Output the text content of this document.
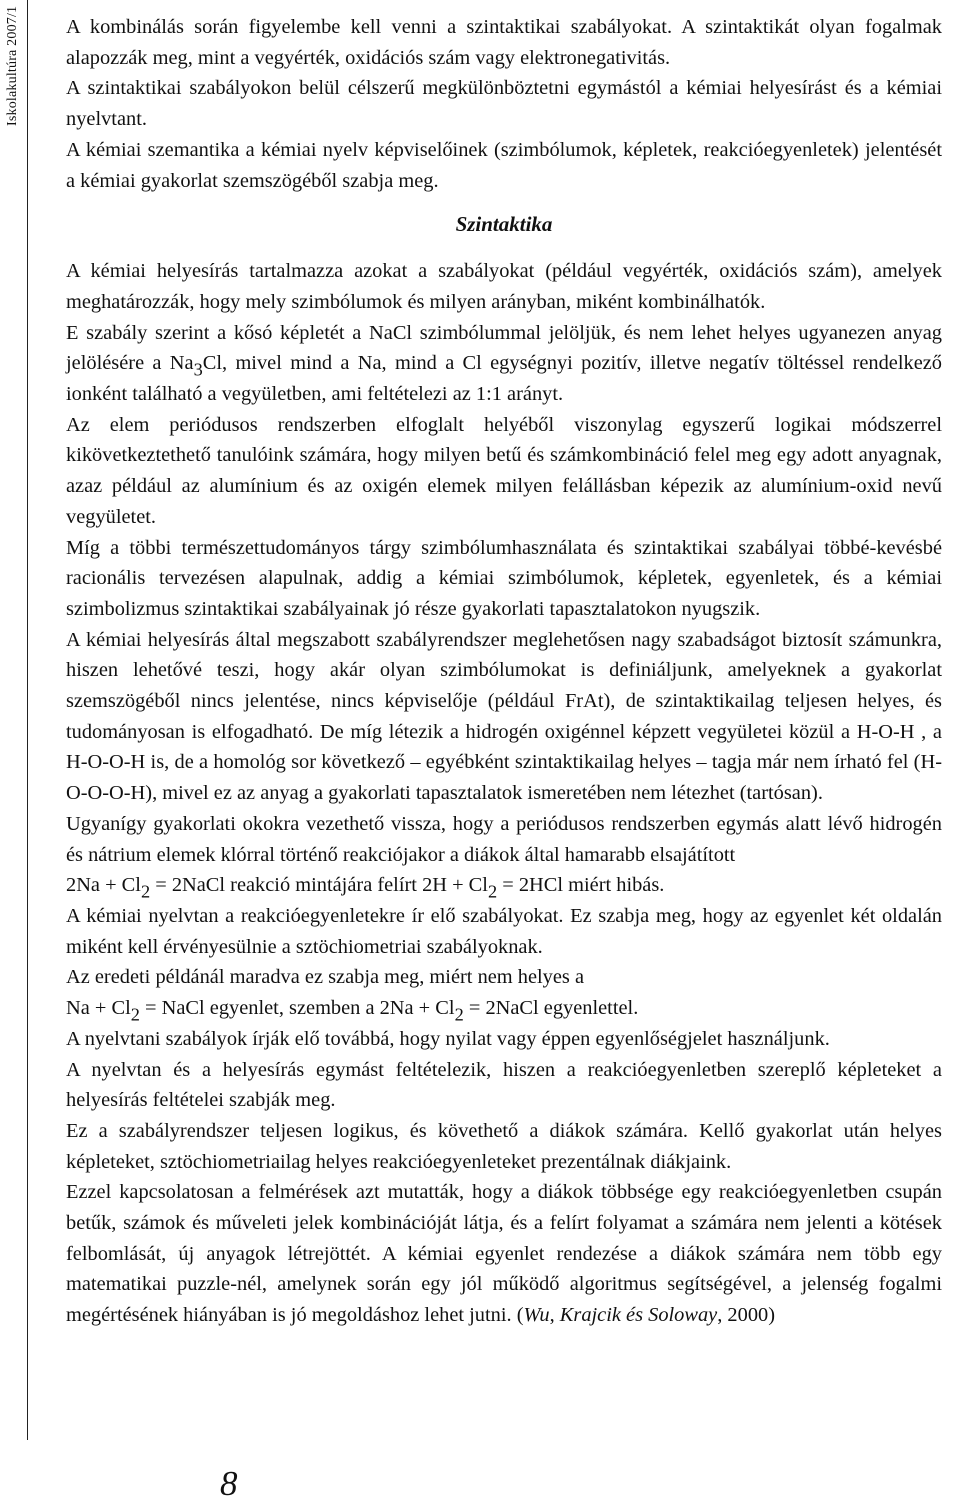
Iskolakultúra 2007/1 A kombinálás során figyelembe kell venni a szintaktikai szabályokat. A szintaktikát olyan fogalmak alapozzák meg, mint a vegyérték, oxidációs szám vagy elektronegativitás.

A szintaktikai szabályokon belül célszerű megkülönböztetni egymástól a kémiai helyesírást és a kémiai nyelvtant.

A kémiai szemantika a kémiai nyelv képviselőinek (szimbólumok, képletek, reakcióegyenletek) jelentését a kémiai gyakorlat szemszögéből szabja meg.

Szintaktika

A kémiai helyesírás tartalmazza azokat a szabályokat (például vegyérték, oxidációs szám), amelyek meghatározzák, hogy mely szimbólumok és milyen arányban, miként kombinálhatók.

E szabály szerint a kősó képletét a NaCl szimbólummal jelöljük, és nem lehet helyes ugyanezen anyag jelölésére a $Na_3Cl$, mivel mind a Na, mind a Cl egységnyi pozitív, illetve negatív töltéssel rendelkező ionként található a vegyületben, ami feltételezi az 1:1 arányt.

Az elem periódusos rendszerben elfoglalt helyéből viszonylag egyszerű logikai módszerrel kikövetkeztethető tanulóink számára, hogy milyen betű és számkombináció felel meg egy adott anyagnak, azaz például az alumínium és az oxigén elemek milyen felállásban képezik az alumínium-oxid nevű vegyületet.

Míg a többi természettudományos tárgy szimbólumhasználata és szintaktikai szabályai többé-kevésbé racionális tervezésen alapulnak, addig a kémiai szimbólumok, képletek, egyenletek, és a kémiai szimbolizmus szintaktikai szabályainak jó része gyakorlati tapasztalatokon nyugszik.

A kémiai helyesírás által megszabott szabályrendszer meglehetősen nagy szabadságot biztosít számunkra, hiszen lehetővé teszi, hogy akár olyan szimbólumokat is definiáljunk, amelyeknek a gyakorlat szemszögéből nincs jelentése, nincs képviselője (például FrAt), de szintaktikailag teljesen helyes, és tudományosan is elfogadható. De míg létezik a hidrogén oxigénnel képzett vegyületei közül a H-O-H , a H-O-O-H is, de a homológ sor következő – egyébként szintaktikailag helyes – tagja már nem írható fel (H-O-O-O-H), mivel ez az anyag a gyakorlati tapasztalatok ismeretében nem létezhet (tartósan).

Ugyanígy gyakorlati okokra vezethető vissza, hogy a periódusos rendszerben egymás alatt lévő hidrogén és nátrium elemek klórral történő reakciójakor a diákok által hamarabb elsajátított

$2Na + Cl_2$ = 2NaCl reakció mintájára felírt $2H + Cl_2 = 2HCl$ miért hibás.

A kémiai nyelvtan a reakcióegyenletekre ír elő szabályokat. Ez szabja meg, hogy az egyenlet két oldalán miként kell érvényesülnie a sztöchiometriai szabályoknak.

Az eredeti példánál maradva ez szabja meg, miért nem helyes a

$Na + Cl_2$ = NaCl egyenlet, szemben a $2Na + Cl_2$ = 2NaCl egyenlettel.

A nyelvtani szabályok írják elő továbbá, hogy nyilat vagy éppen egyenlőségjelet használjunk.

A nyelvtan és a helyesírás egymást feltételezik, hiszen a reakcióegyenletben szereplő képleteket a helyesírás feltételei szabják meg.

Ez a szabályrendszer teljesen logikus, és követhető a diákok számára. Kellő gyakorlat után helyes képleteket, sztöchiometriailag helyes reakcióegyenleteket prezentálnak diákjaink.

Ezzel kapcsolatosan a felmérések azt mutatták, hogy a diákok többsége egy reakcióegyenletben csupán betűk, számok és műveleti jelek kombinációját látja, és a felírt folyamat a számára nem jelenti a kötések felbomlását, új anyagok létrejöttét. A kémiai egyenlet rendezése a diákok számára nem több egy matematikai puzzle-nél, amelynek során egy jól működő algoritmus segítségével, a jelenség fogalmi megértésének hiányában is jó megoldáshoz lehet jutni. (Wu, Krajcik és Soloway, 2000)

8
